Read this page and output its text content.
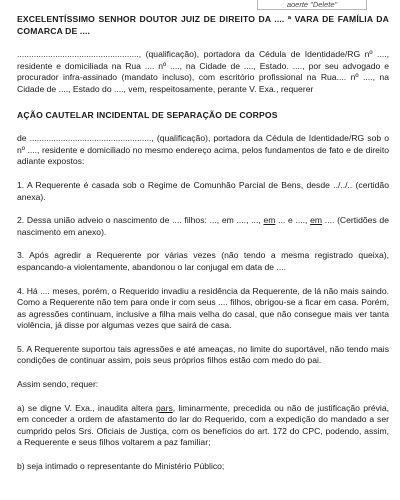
aoerte "Delete"

EXCELENTÍSSIMO SENHOR DOUTOR JUIZ DE DIREITO DA .... ª VARA DE FAMÍLIA DA COMARCA DE ....

..................................................., (qualificação), portadora da Cédula de Identidade/RG nº ...., residente e domiciliada na Rua .... nº ...., na Cidade de ...., Estado. ...., por seu advogado e procurador infra-assinado (mandato incluso), com escritório profissional na Rua.... nº ...., na Cidade de ...., Estado do ...., vem, respeitosamente, perante V. Exa., requerer

AÇÃO CAUTELAR INCIDENTAL DE SEPARAÇÃO DE CORPOS

de ..................................................., (qualificação), portadora da Cédula de Identidade/RG sob o nº ...., residente e domiciliado no mesmo endereço acima, pelos fundamentos de fato e de direito adiante expostos:

1. A Requerente é casada sob o Regime de Comunhão Parcial de Bens, desde ../../.. (certidão anexa).

2. Dessa união adveio o nascimento de .... filhos: ..., em ...., ..., em ... e ...., em .... (Certidões de nascimento em anexo).

3. Após agredir a Requerente por várias vezes (não tendo a mesma registrado queixa), espancando-a violentamente, abandonou o lar conjugal em data de ....

4. Há .... meses, porém, o Requerido invadiu a residência da Requerente, de lá não mais saindo. Como a Requerente não tem para onde ir com seus .... filhos, obrigou-se a ficar em casa. Porém, as agressões continuam, inclusive a filha mais velha do casal, que não consegue mais ver tanta violência, já disse por algumas vezes que sairá de casa.

5. A Requerente suportou tais agressões e até ameaças, no limite do suportável, não tendo mais condições de continuar assim, pois seus próprios filhos estão com medo do pai.

Assim sendo, requer:

a) se digne V. Exa., inaudita altera pars, liminarmente, precedida ou não de justificação prévia, em conceder a ordem de afastamento do lar do Requerido, com a expedição do mandado a ser cumprido pelos Srs. Oficiais de Justiça, com os benefícios do art. 172 do CPC, podendo, assim, a Requerente e seus filhos voltarem a paz familiar;

b) seja intimado o representante do Ministério Público;
